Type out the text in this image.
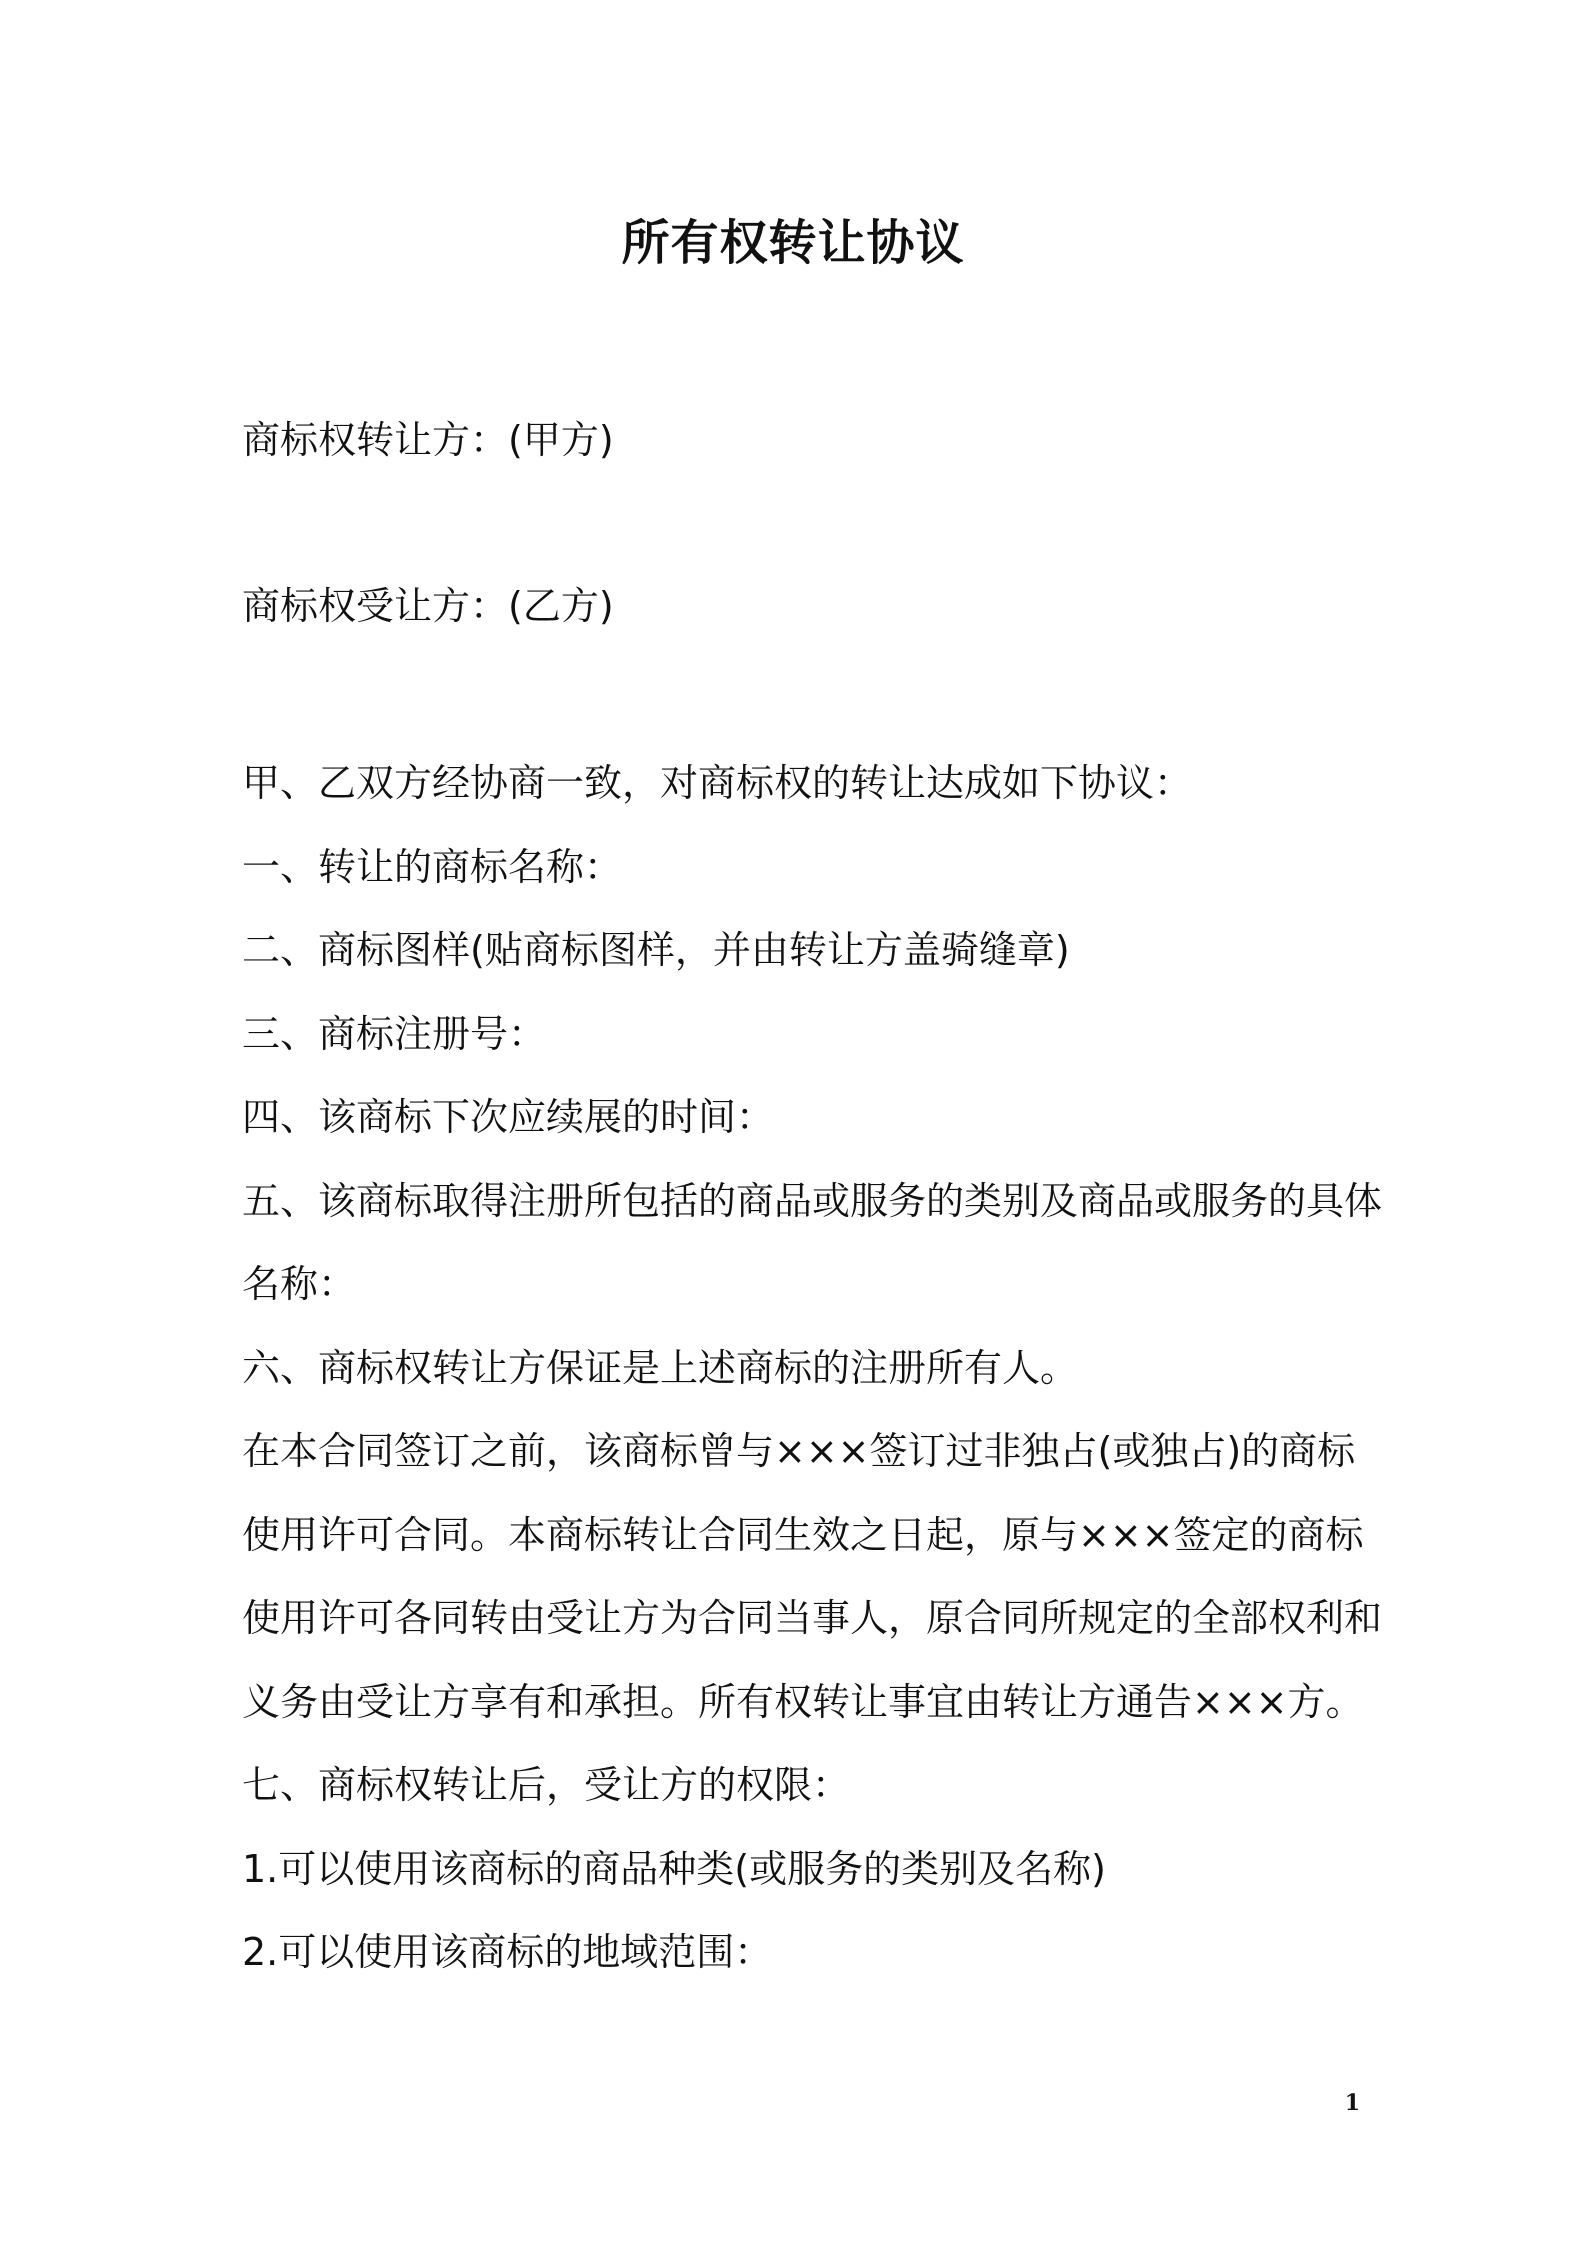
所有权转让协议
商标权转让方：(甲方)
商标权受让方：(乙方)
甲、乙双方经协商一致，对商标权的转让达成如下协议：
一、转让的商标名称：
二、商标图样(贴商标图样，并由转让方盖骑缝章)
三、商标注册号：
四、该商标下次应续展的时间：
五、该商标取得注册所包括的商品或服务的类别及商品或服务的具体
名称：
六、商标权转让方保证是上述商标的注册所有人。
在本合同签订之前，该商标曾与×××签订过非独占(或独占)的商标
使用许可合同。本商标转让合同生效之日起，原与×××签定的商标
使用许可各同转由受让方为合同当事人，原合同所规定的全部权利和
义务由受让方享有和承担。所有权转让事宜由转让方通告×××方。
七、商标权转让后，受让方的权限：
1.可以使用该商标的商品种类(或服务的类别及名称)
2.可以使用该商标的地域范围：
1
